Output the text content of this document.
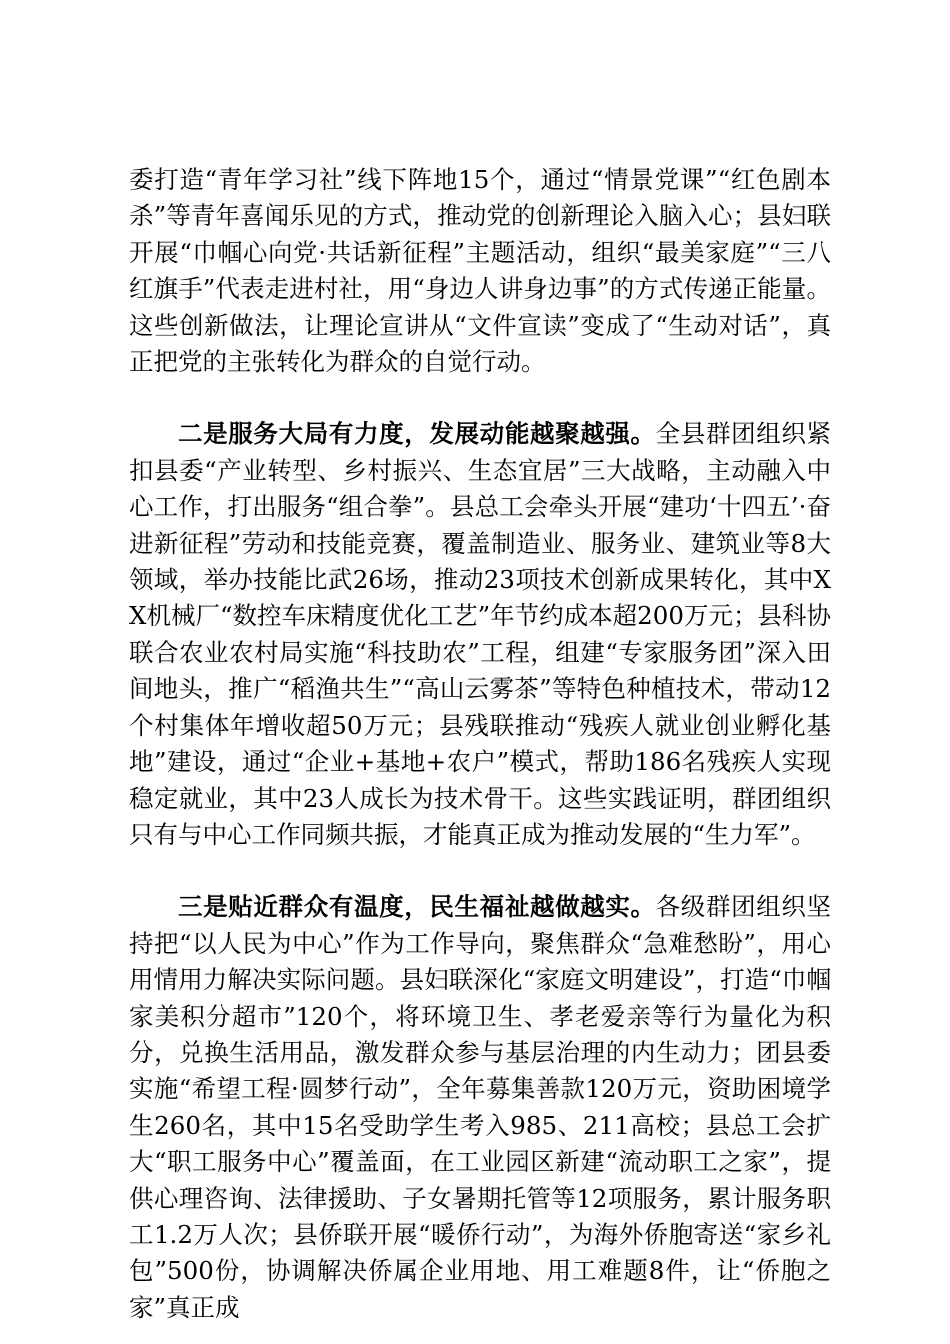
委打造“青年学习社”线下阵地15个，通过“情景党课”“红色剧本杀”等青年喜闻乐见的方式，推动党的创新理论入脑入心；县妇联开展“巾帼心向党·共话新征程”主题活动，组织“最美家庭”“三八红旗手”代表走进村社，用“身边人讲身边事”的方式传递正能量。这些创新做法，让理论宣讲从“文件宣读”变成了“生动对话”，真正把党的主张转化为群众的自觉行动。

二是服务大局有力度，发展动能越聚越强。全县群团组织紧扣县委“产业转型、乡村振兴、生态宜居”三大战略，主动融入中心工作，打出服务“组合拳”。县总工会牵头开展“建功‘十四五’·奋进新征程”劳动和技能竞赛，覆盖制造业、服务业、建筑业等8大领域，举办技能比武26场，推动23项技术创新成果转化，其中XX机械厂“数控车床精度优化工艺”年节约成本超200万元；县科协联合农业农村局实施“科技助农”工程，组建“专家服务团”深入田间地头，推广“稻渔共生”“高山云雾茶”等特色种植技术，带动12个村集体年增收超50万元；县残联推动“残疾人就业创业孵化基地”建设，通过“企业+基地+农户”模式，帮助186名残疾人实现稳定就业，其中23人成长为技术骨干。这些实践证明，群团组织只有与中心工作同频共振，才能真正成为推动发展的“生力军”。

三是贴近群众有温度，民生福祉越做越实。各级群团组织坚持把“以人民为中心”作为工作导向，聚焦群众“急难愁盼”，用心用情用力解决实际问题。县妇联深化“家庭文明建设”，打造“巾帼家美积分超市”120个，将环境卫生、孝老爱亲等行为量化为积分，兑换生活用品，激发群众参与基层治理的内生动力；团县委实施“希望工程·圆梦行动”，全年募集善款120万元，资助困境学生260名，其中15名受助学生考入985、211高校；县总工会扩大“职工服务中心”覆盖面，在工业园区新建“流动职工之家”，提供心理咨询、法律援助、子女暑期托管等12项服务，累计服务职工1.2万人次；县侨联开展“暖侨行动”，为海外侨胞寄送“家乡礼包”500份，协调解决侨属企业用地、用工难题8件，让“侨胞之家”真正成
